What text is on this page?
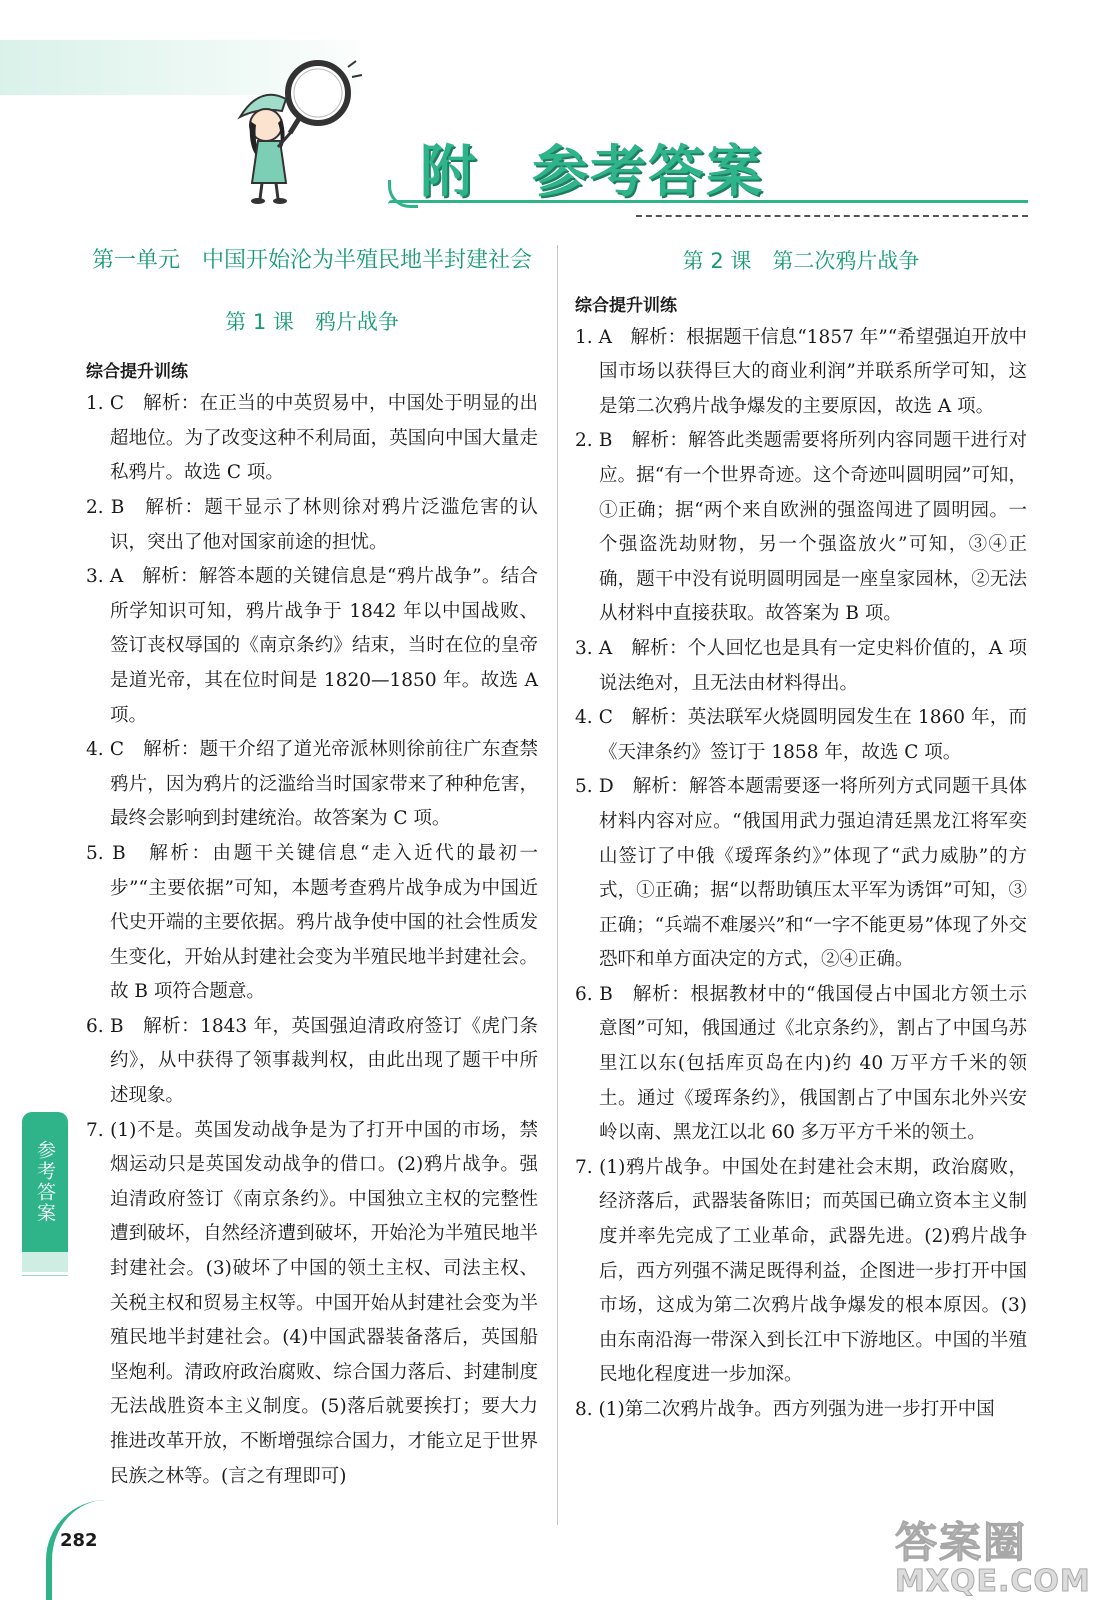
附 参考答案
第一单元　中国开始沦为半殖民地半封建社会
第 1 课　鸦片战争
综合提升训练

1. C　解析：在正当的中英贸易中，中国处于明显的出超地位。为了改变这种不利局面，英国向中国大量走私鸦片。故选 C 项。

2. B　解析：题干显示了林则徐对鸦片泛滥危害的认识，突出了他对国家前途的担忧。

3. A　解析：解答本题的关键信息是“鸦片战争”。结合所学知识可知，鸦片战争于 1842 年以中国战败、签订丧权辱国的《南京条约》结束，当时在位的皇帝是道光帝，其在位时间是 1820—1850 年。故选 A 项。

4. C　解析：题干介绍了道光帝派林则徐前往广东查禁鸦片，因为鸦片的泛滥给当时国家带来了种种危害，最终会影响到封建统治。故答案为 C 项。

5. B　解析：由题干关键信息“走入近代的最初一步”“主要依据”可知，本题考查鸦片战争成为中国近代史开端的主要依据。鸦片战争使中国的社会性质发生变化，开始从封建社会变为半殖民地半封建社会。故 B 项符合题意。

6. B　解析：1843 年，英国强迫清政府签订《虎门条约》，从中获得了领事裁判权，由此出现了题干中所述现象。

7. (1)不是。英国发动战争是为了打开中国的市场，禁烟运动只是英国发动战争的借口。(2)鸦片战争。强迫清政府签订《南京条约》。中国独立主权的完整性遭到破坏，自然经济遭到破坏，开始沦为半殖民地半封建社会。(3)破坏了中国的领土主权、司法主权、关税主权和贸易主权等。中国开始从封建社会变为半殖民地半封建社会。(4)中国武器装备落后，英国船坚炮利。清政府政治腐败、综合国力落后、封建制度无法战胜资本主义制度。(5)落后就要挨打；要大力推进改革开放，不断增强综合国力，才能立足于世界民族之林等。(言之有理即可)

第 2 课　第二次鸦片战争
综合提升训练

1. A　解析：根据题干信息“1857 年”“希望强迫开放中国市场以获得巨大的商业利润”并联系所学可知，这是第二次鸦片战争爆发的主要原因，故选 A 项。

2. B　解析：解答此类题需要将所列内容同题干进行对应。据“有一个世界奇迹。这个奇迹叫圆明园”可知，①正确；据“两个来自欧洲的强盗闯进了圆明园。一个强盗洗劫财物，另一个强盗放火”可知，③④正确，题干中没有说明圆明园是一座皇家园林，②无法从材料中直接获取。故答案为 B 项。

3. A　解析：个人回忆也是具有一定史料价值的，A 项说法绝对，且无法由材料得出。

4. C　解析：英法联军火烧圆明园发生在 1860 年，而《天津条约》签订于 1858 年，故选 C 项。

5. D　解析：解答本题需要逐一将所列方式同题干具体材料内容对应。“俄国用武力强迫清廷黑龙江将军奕山签订了中俄《瑷珲条约》”体现了“武力威胁”的方式，①正确；据“以帮助镇压太平军为诱饵”可知，③正确；“兵端不难屡兴”和“一字不能更易”体现了外交恐吓和单方面决定的方式，②④正确。

6. B　解析：根据教材中的“俄国侵占中国北方领土示意图”可知，俄国通过《北京条约》，割占了中国乌苏里江以东(包括库页岛在内)约 40 万平方千米的领土。通过《瑷珲条约》，俄国割占了中国东北外兴安岭以南、黑龙江以北 60 多万平方千米的领土。

7. (1)鸦片战争。中国处在封建社会末期，政治腐败，经济落后，武器装备陈旧；而英国已确立资本主义制度并率先完成了工业革命，武器先进。(2)鸦片战争后，西方列强不满足既得利益，企图进一步打开中国市场，这成为第二次鸦片战争爆发的根本原因。(3)由东南沿海一带深入到长江中下游地区。中国的半殖民地化程度进一步加深。

8. (1)第二次鸦片战争。西方列强为进一步打开中国

参考答案
282	答案圈
MXQE.COM
